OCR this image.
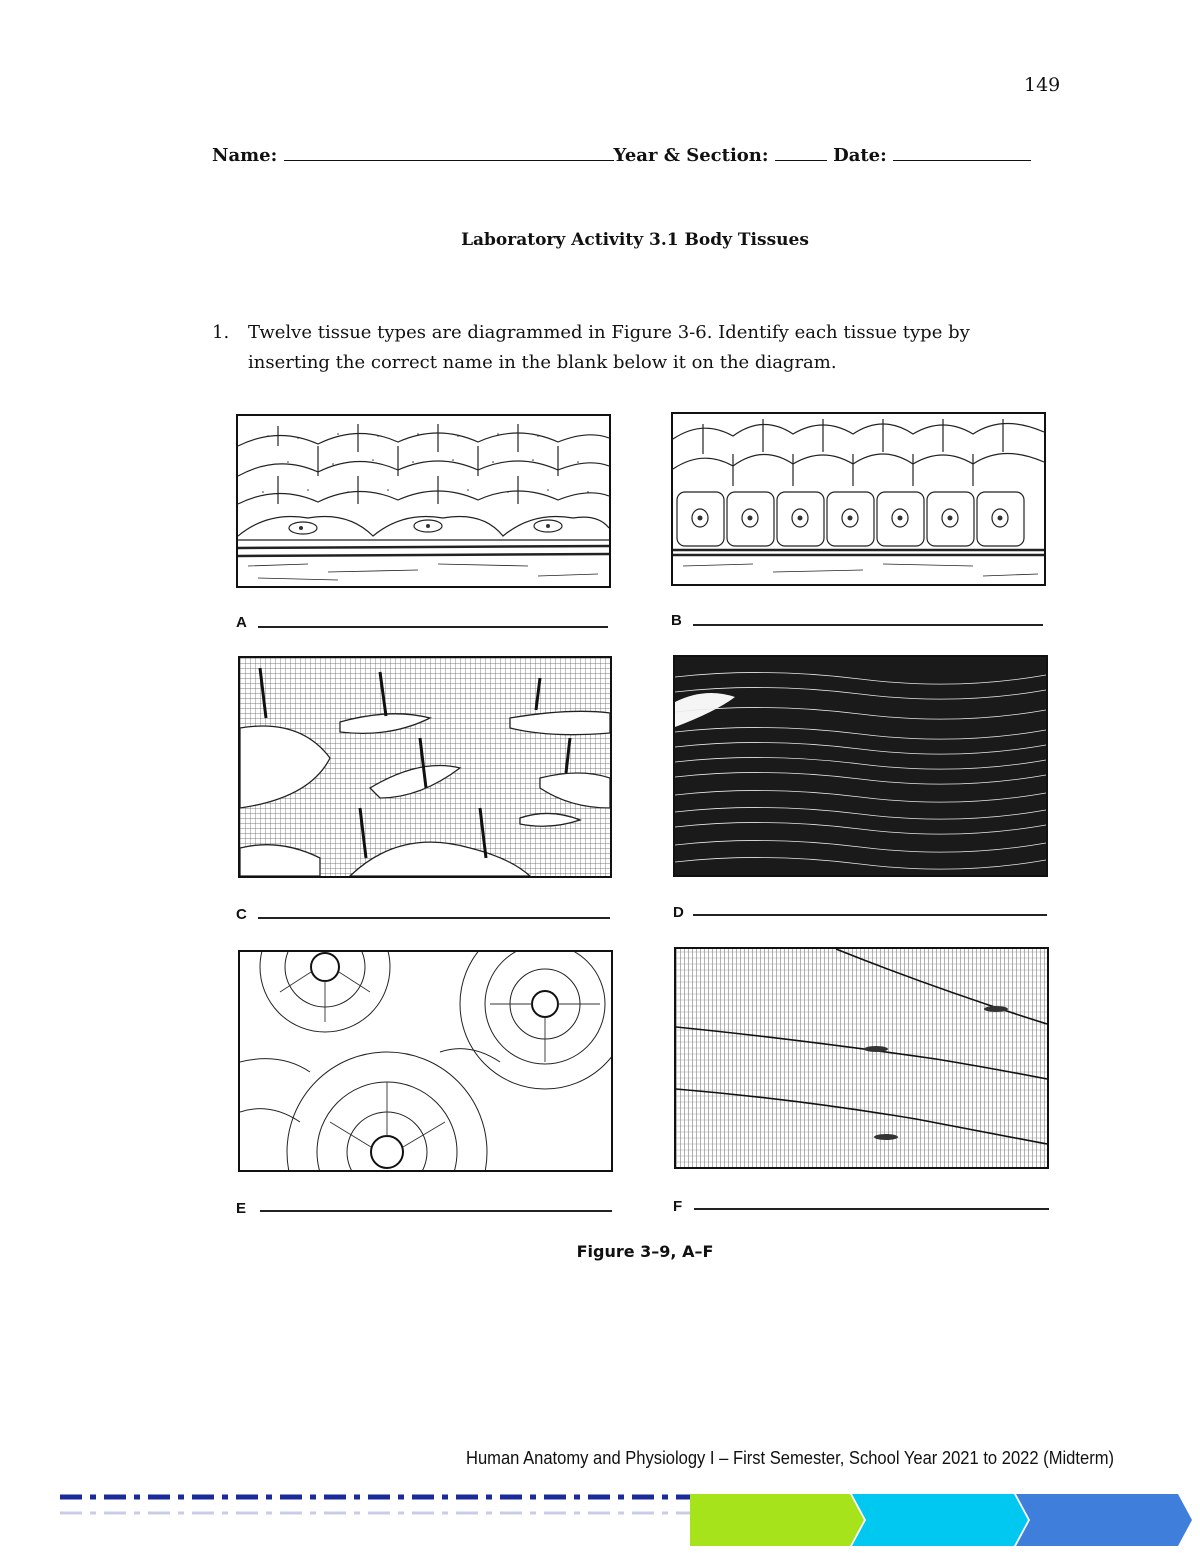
149
Name:	Year & Section:	Date:
Laboratory Activity 3.1 Body Tissues
1. Twelve tissue types are diagrammed in Figure 3-6. Identify each tissue type by inserting the correct name in the blank below it on the diagram.
A	B
C	D
E	F
Figure 3–9, A–F
Human Anatomy and Physiology I – First Semester, School Year 2021 to 2022 (Midterm)
